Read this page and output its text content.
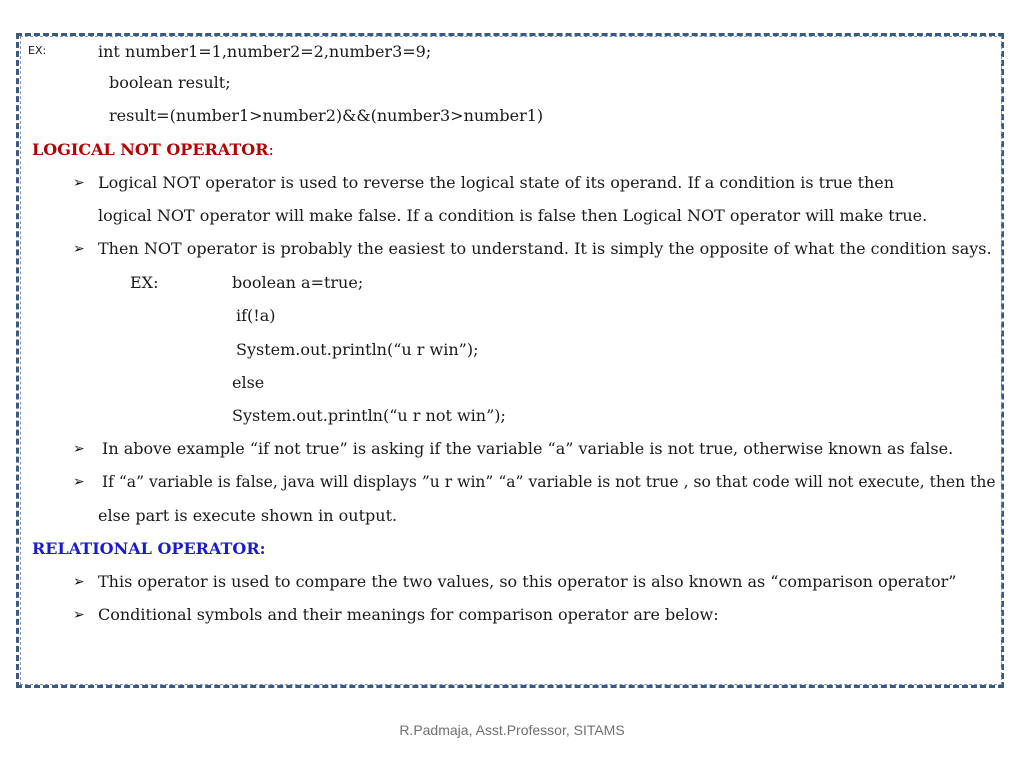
EX:	int number1=1,number2=2,number3=9;
boolean result;
result=(number1>number2)&&(number3>number1)
LOGICAL NOT OPERATOR:
➢ Logical NOT operator is used to reverse the logical state of its operand. If a condition is true then
logical NOT operator will make false. If a condition is false then Logical NOT operator will make true.
➢ Then NOT operator is probably the easiest to understand. It is simply the opposite of what the condition says.
EX:	boolean a=true;
if(!a)
System.out.println(“u r win”);
else
System.out.println(“u r not win”);
➢ In above example “if not true” is asking if the variable “a” variable is not true, otherwise known as false.
➢ If “a” variable is false, java will displays ”u r win” “a” variable is not true , so that code will not execute, then the
else part is execute shown in output.
RELATIONAL OPERATOR:
➢ This operator is used to compare the two values, so this operator is also known as “comparison operator”
➢ Conditional symbols and their meanings for comparison operator are below:
R.Padmaja, Asst.Professor, SITAMS
